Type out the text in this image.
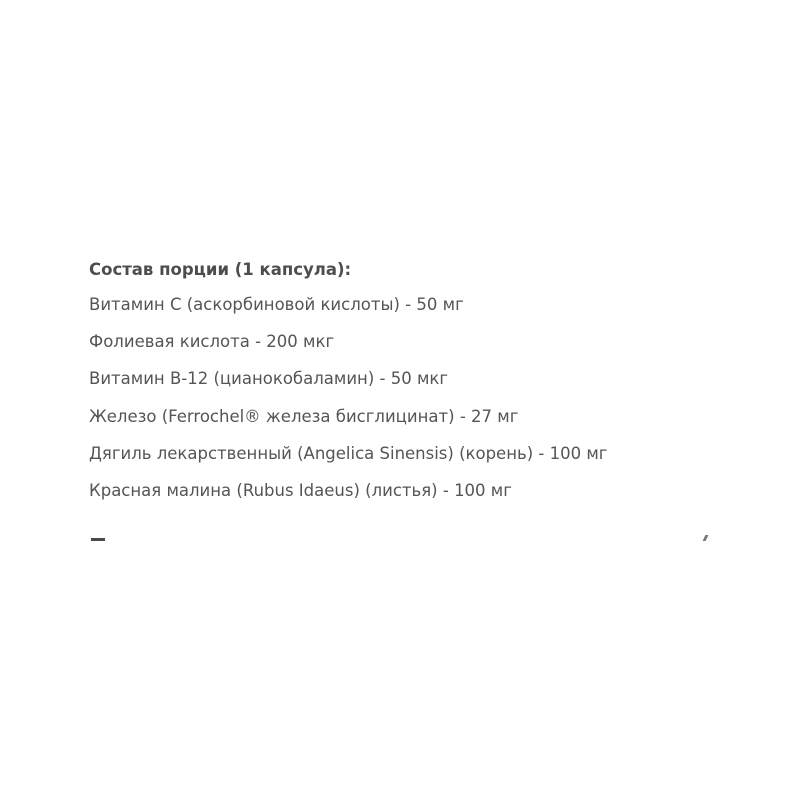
Состав порции (1 капсула):
Витамин C (аскорбиновой кислоты) - 50 мг
Фолиевая кислота - 200 мкг
Витамин B-12 (цианокобаламин) - 50 мкг
Железо (Ferrochel® железа бисглицинат) - 27 мг
Дягиль лекарственный (Angelica Sinensis) (корень) - 100 мг
Красная малина (Rubus Idaeus) (листья) - 100 мг
